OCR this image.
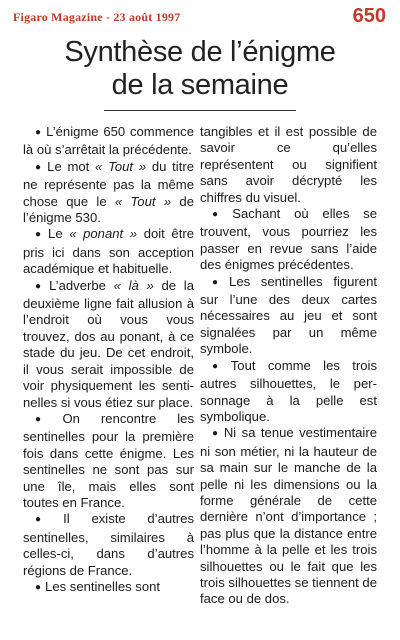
Figaro Magazine - 23 août 1997	650
Synthèse de l’énigme
de la semaine

● L’énigme 650 commence là où s’arrêtait la précédente.

● Le mot « Tout » du titre ne représente pas la même chose que le « Tout » de l’énigme 530.

● Le « ponant » doit être pris ici dans son acception académique et habituelle.

● L’adverbe « là » de la deuxième ligne fait allusion à l’endroit où vous vous trouvez, dos au ponant, à ce stade du jeu. De cet endroit, il vous serait impossible de voir physiquement les sentinelles si vous étiez sur place.

● On rencontre les sentinelles pour la première fois dans cette énigme. Les sentinelles ne sont pas sur une île, mais elles sont toutes en France.

● Il existe d’autres sentinelles, similaires à celles-ci, dans d’autres régions de France.

● Les sentinelles sont

tangibles et il est possible de savoir ce qu’elles représentent ou signifient sans avoir décrypté les chiffres du visuel.

● Sachant où elles se trouvent, vous pourriez les passer en revue sans l’aide des énigmes précédentes.

● Les sentinelles figurent sur l’une des deux cartes nécessaires au jeu et sont signalées par un même symbole.

● Tout comme les trois autres silhouettes, le personnage à la pelle est symbolique.

● Ni sa tenue vestimentaire ni son métier, ni la hauteur de sa main sur le manche de la pelle ni les dimensions ou la forme générale de cette dernière n’ont d’importance ; pas plus que la distance entre l’homme à la pelle et les trois silhouettes ou le fait que les trois silhouettes se tiennent de face ou de dos.
